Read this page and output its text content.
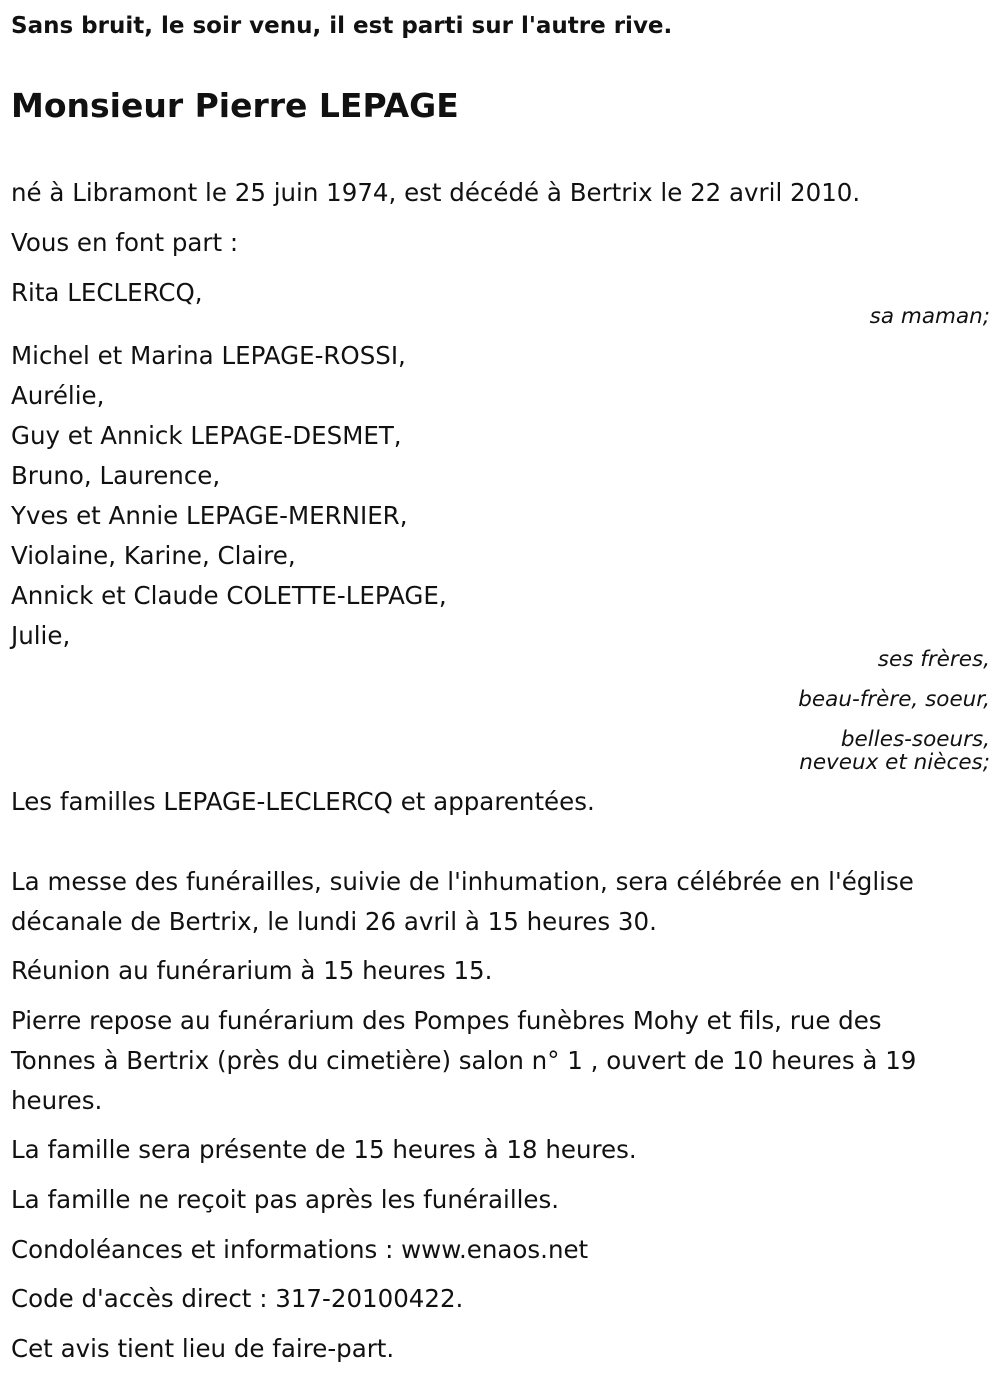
Sans bruit, le soir venu, il est parti sur l'autre rive.

Monsieur Pierre LEPAGE

né à Libramont le 25 juin 1974, est décédé à Bertrix le 22 avril 2010.

Vous en font part :

Rita LECLERCQ,

sa maman;

Michel et Marina LEPAGE-ROSSI,

Aurélie,

Guy et Annick LEPAGE-DESMET,

Bruno, Laurence,

Yves et Annie LEPAGE-MERNIER,

Violaine, Karine, Claire,

Annick et Claude COLETTE-LEPAGE,

Julie,

ses frères,

beau-frère, soeur,

belles-soeurs,

neveux et nièces;

Les familles LEPAGE-LECLERCQ et apparentées.

La messe des funérailles, suivie de l'inhumation, sera célébrée en l'église

décanale de Bertrix, le lundi 26 avril à 15 heures 30.

Réunion au funérarium à 15 heures 15.

Pierre repose au funérarium des Pompes funèbres Mohy et fils, rue des

Tonnes à Bertrix (près du cimetière) salon n° 1 , ouvert de 10 heures à 19

heures.

La famille sera présente de 15 heures à 18 heures.

La famille ne reçoit pas après les funérailles.

Condoléances et informations : www.enaos.net

Code d'accès direct : 317-20100422.

Cet avis tient lieu de faire-part.
